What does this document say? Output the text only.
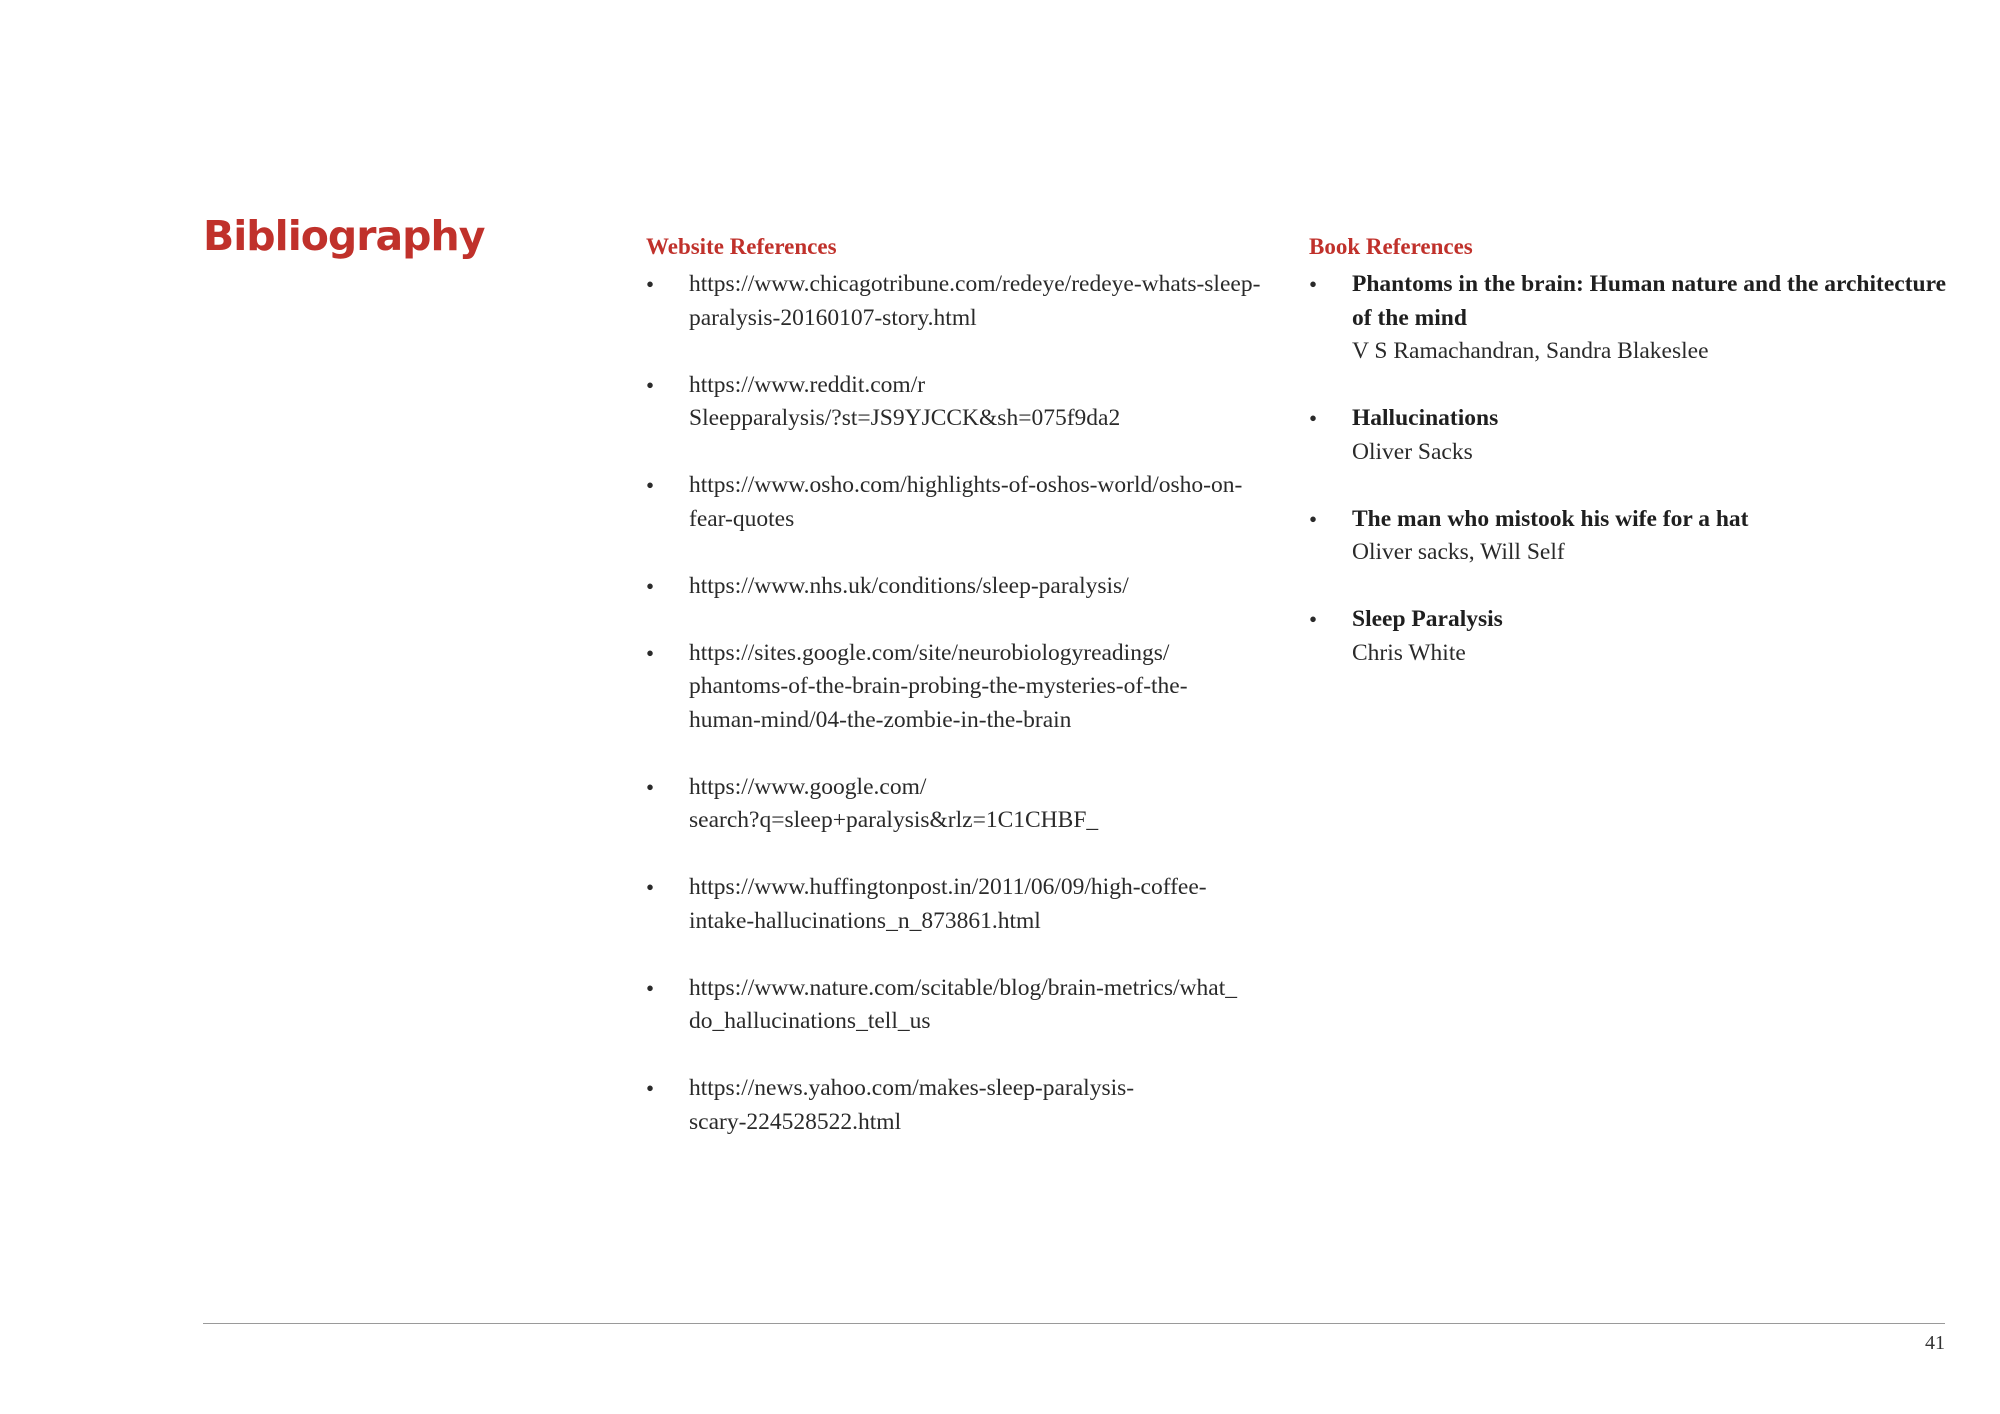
Bibliography	Website References
• https://www.chicagotribune.com/redeye/redeye-whats-sleep-
paralysis-20160107-story.html
• https://www.reddit.com/r
Sleepparalysis/?st=JS9YJCCK&sh=075f9da2
• https://www.osho.com/highlights-of-oshos-world/osho-on-
fear-quotes
• https://www.nhs.uk/conditions/sleep-paralysis/
• https://sites.google.com/site/neurobiologyreadings/
phantoms-of-the-brain-probing-the-mysteries-of-the-
human-mind/04-the-zombie-in-the-brain
• https://www.google.com/
search?q=sleep+paralysis&rlz=1C1CHBF_
• https://www.huffingtonpost.in/2011/06/09/high-coffee-
intake-hallucinations_n_873861.html
• https://www.nature.com/scitable/blog/brain-metrics/what_
do_hallucinations_tell_us
• https://news.yahoo.com/makes-sleep-paralysis-
scary-224528522.html
Book References
• Phantoms in the brain: Human nature and the architecture
of the mind
V S Ramachandran, Sandra Blakeslee
• Hallucinations
Oliver Sacks
• The man who mistook his wife for a hat
Oliver sacks, Will Self
• Sleep Paralysis
Chris White
41
